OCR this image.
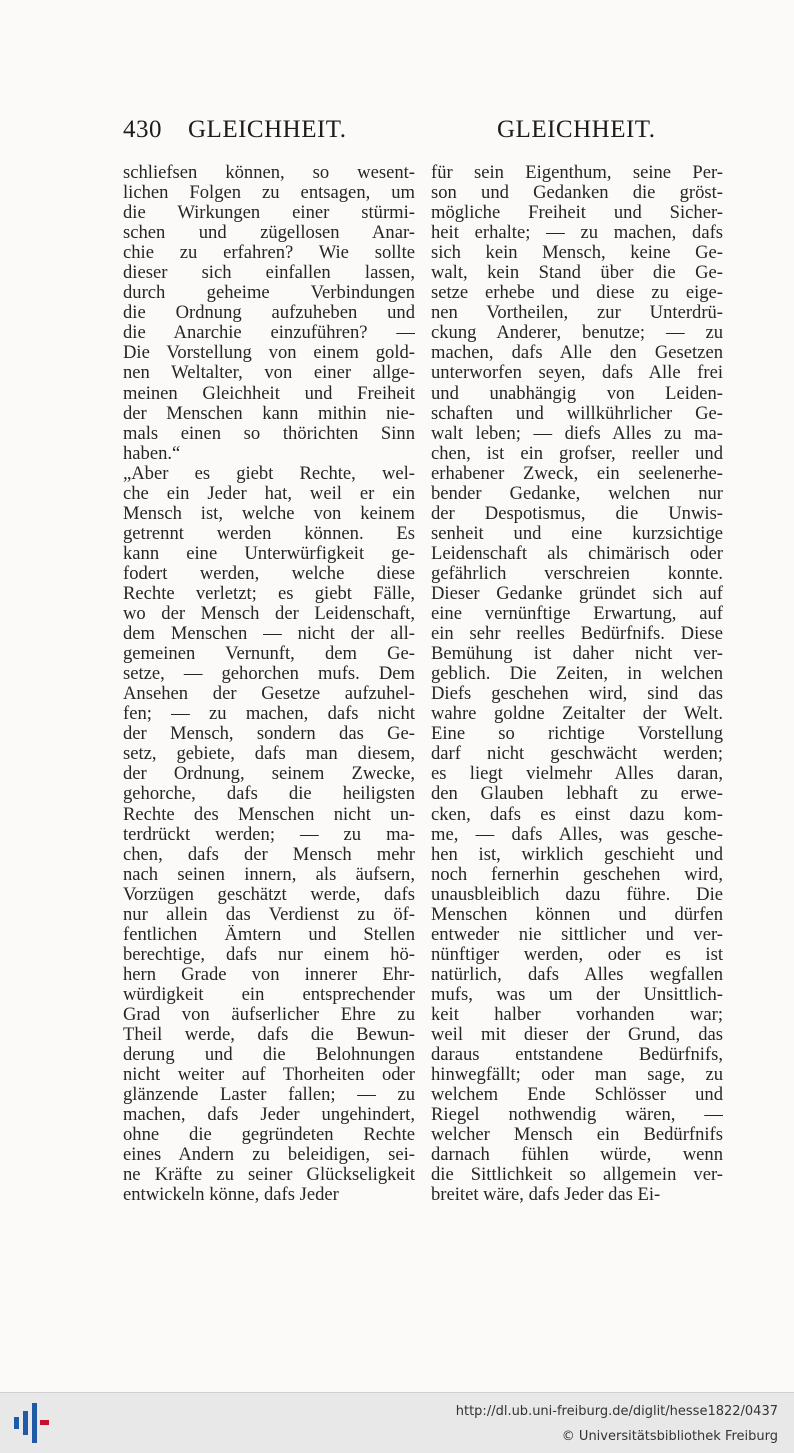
430 GLEICHHEIT.	GLEICHHEIT.
schliefsen können, so wesent-
lichen Folgen zu entsagen, um
die Wirkungen einer stürmi-
schen und zügellosen Anar-
chie zu erfahren? Wie sollte
dieser sich einfallen lassen,
durch geheime Verbindungen
die Ordnung aufzuheben und
die Anarchie einzuführen? —
Die Vorstellung von einem gold-
nen Weltalter, von einer allge-
meinen Gleichheit und Freiheit
der Menschen kann mithin nie-
mals einen so thörichten Sinn
haben.“
„Aber es giebt Rechte, wel-
che ein Jeder hat, weil er ein
Mensch ist, welche von keinem
getrennt werden können. Es
kann eine Unterwürfigkeit ge-
fodert werden, welche diese
Rechte verletzt; es giebt Fälle,
wo der Mensch der Leidenschaft,
dem Menschen — nicht der all-
gemeinen Vernunft, dem Ge-
setze, — gehorchen mufs. Dem
Ansehen der Gesetze aufzuhel-
fen; — zu machen, dafs nicht
der Mensch, sondern das Ge-
setz, gebiete, dafs man diesem,
der Ordnung, seinem Zwecke,
gehorche, dafs die heiligsten
Rechte des Menschen nicht un-
terdrückt werden; — zu ma-
chen, dafs der Mensch mehr
nach seinen innern, als äufsern,
Vorzügen geschätzt werde, dafs
nur allein das Verdienst zu öf-
fentlichen Ämtern und Stellen
berechtige, dafs nur einem hö-
hern Grade von innerer Ehr-
würdigkeit ein entsprechender
Grad von äufserlicher Ehre zu
Theil werde, dafs die Bewun-
derung und die Belohnungen
nicht weiter auf Thorheiten oder
glänzende Laster fallen; — zu
machen, dafs Jeder ungehindert,
ohne die gegründeten Rechte
eines Andern zu beleidigen, sei-
ne Kräfte zu seiner Glückseligkeit
entwickeln könne, dafs Jeder
für sein Eigenthum, seine Per-
son und Gedanken die gröst-
mögliche Freiheit und Sicher-
heit erhalte; — zu machen, dafs
sich kein Mensch, keine Ge-
walt, kein Stand über die Ge-
setze erhebe und diese zu eige-
nen Vortheilen, zur Unterdrü-
ckung Anderer, benutze; — zu
machen, dafs Alle den Gesetzen
unterworfen seyen, dafs Alle frei
und unabhängig von Leiden-
schaften und willkührlicher Ge-
walt leben; — diefs Alles zu ma-
chen, ist ein grofser, reeller und
erhabener Zweck, ein seelenerhe-
bender Gedanke, welchen nur
der Despotismus, die Unwis-
senheit und eine kurzsichtige
Leidenschaft als chimärisch oder
gefährlich verschreien konnte.
Dieser Gedanke gründet sich auf
eine vernünftige Erwartung, auf
ein sehr reelles Bedürfnifs. Diese
Bemühung ist daher nicht ver-
geblich. Die Zeiten, in welchen
Diefs geschehen wird, sind das
wahre goldne Zeitalter der Welt.
Eine so richtige Vorstellung
darf nicht geschwächt werden;
es liegt vielmehr Alles daran,
den Glauben lebhaft zu erwe-
cken, dafs es einst dazu kom-
me, — dafs Alles, was gesche-
hen ist, wirklich geschieht und
noch fernerhin geschehen wird,
unausbleiblich dazu führe. Die
Menschen können und dürfen
entweder nie sittlicher und ver-
nünftiger werden, oder es ist
natürlich, dafs Alles wegfallen
mufs, was um der Unsittlich-
keit halber vorhanden war;
weil mit dieser der Grund, das
daraus entstandene Bedürfnifs,
hinwegfällt; oder man sage, zu
welchem Ende Schlösser und
Riegel nothwendig wären, —
welcher Mensch ein Bedürfnifs
darnach fühlen würde, wenn
die Sittlichkeit so allgemein ver-
breitet wäre, dafs Jeder das Ei-
http://dl.ub.uni-freiburg.de/diglit/hesse1822/0437
© Universitätsbibliothek Freiburg
